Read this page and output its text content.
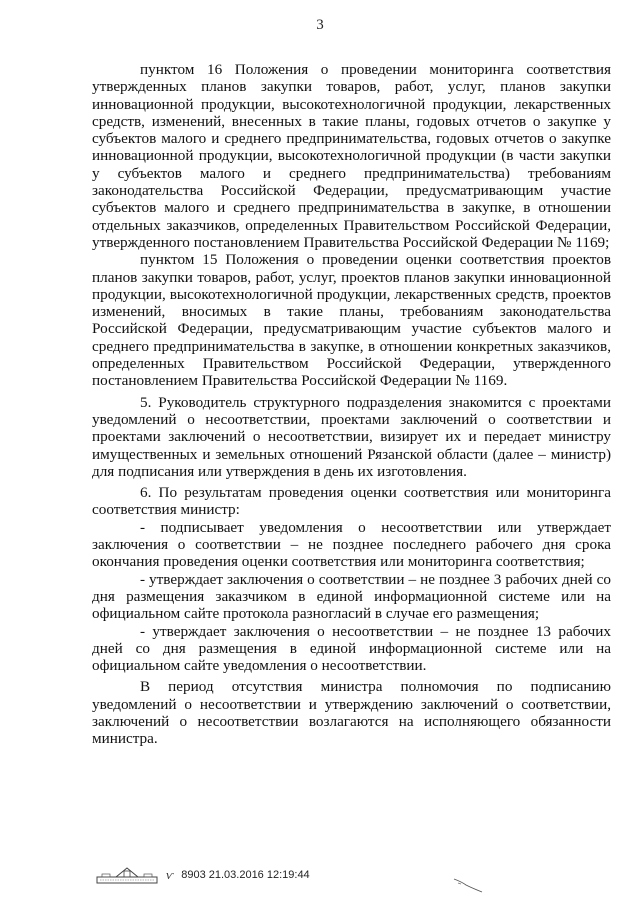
3

пунктом 16 Положения о проведении мониторинга соответствия утвержденных планов закупки товаров, работ, услуг, планов закупки инновационной продукции, высокотехнологичной продукции, лекарственных средств, изменений, внесенных в такие планы, годовых отчетов о закупке у субъектов малого и среднего предпринимательства, годовых отчетов о закупке инновационной продукции, высокотехнологичной продукции (в части закупки у субъектов малого и среднего предпринимательства) требованиям законодательства Российской Федерации, предусматривающим участие субъектов малого и среднего предпринимательства в закупке, в отношении отдельных заказчиков, определенных Правительством Российской Федерации, утвержденного постановлением Правительства Российской Федерации № 1169;

пунктом 15 Положения о проведении оценки соответствия проектов планов закупки товаров, работ, услуг, проектов планов закупки инновационной продукции, высокотехнологичной продукции, лекарственных средств, проектов изменений, вносимых в такие планы, требованиям законодательства Российской Федерации, предусматривающим участие субъектов малого и среднего предпринимательства в закупке, в отношении конкретных заказчиков, определенных Правительством Российской Федерации, утвержденного постановлением Правительства Российской Федерации № 1169.

5. Руководитель структурного подразделения знакомится с проектами уведомлений о несоответствии, проектами заключений о соответствии и проектами заключений о несоответствии, визирует их и передает министру имущественных и земельных отношений Рязанской области (далее – министр) для подписания или утверждения в день их изготовления.

6. По результатам проведения оценки соответствия или мониторинга соответствия министр:

- подписывает уведомления о несоответствии или утверждает заключения о соответствии – не позднее последнего рабочего дня срока окончания проведения оценки соответствия или мониторинга соответствия;

- утверждает заключения о соответствии – не позднее 3 рабочих дней со дня размещения заказчиком в единой информационной системе или на официальном сайте протокола разногласий в случае его размещения;

- утверждает заключения о несоответствии – не позднее 13 рабочих дней со дня размещения в единой информационной системе или на официальном сайте уведомления о несоответствии.

В период отсутствия министра полномочия по подписанию уведомлений о несоответствии и утверждению заключений о соответствии, заключений о несоответствии возлагаются на исполняющего обязанности министра.

ѵ 8903 21.03.2016 12:19:44
